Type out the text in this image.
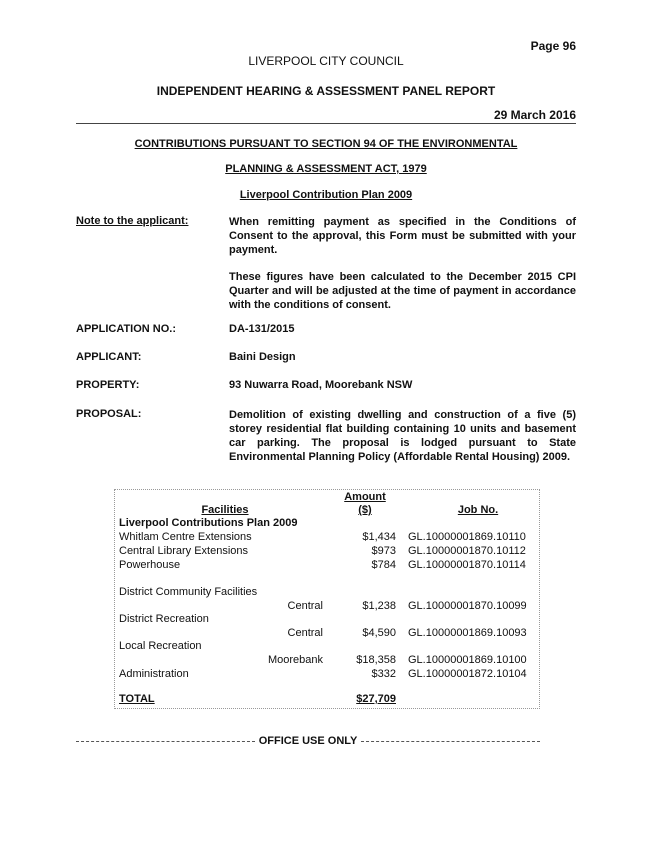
Page 96
LIVERPOOL CITY COUNCIL
INDEPENDENT HEARING & ASSESSMENT PANEL REPORT
29 March 2016
CONTRIBUTIONS PURSUANT TO SECTION 94 OF THE ENVIRONMENTAL
PLANNING & ASSESSMENT ACT, 1979
Liverpool Contribution Plan 2009
Note to the applicant:	When remitting payment as specified in the Conditions of Consent to the approval, this Form must be submitted with your payment.
These figures have been calculated to the December 2015 CPI Quarter and will be adjusted at the time of payment in accordance with the conditions of consent.
APPLICATION NO.:	DA-131/2015
APPLICANT:	Baini Design
PROPERTY:	93 Nuwarra Road, Moorebank NSW
PROPOSAL:	Demolition of existing dwelling and construction of a five (5) storey residential flat building containing 10 units and basement car parking. The proposal is lodged pursuant to State Environmental Planning Policy (Affordable Rental Housing) 2009.
Amount
Facilities	($)	Job No.
Liverpool Contributions Plan 2009
Whitlam Centre Extensions	$1,434 GL.10000001869.10110
Central Library Extensions	$973 GL.10000001870.10112
Powerhouse	$784 GL.10000001870.10114
District Community Facilities
Central	$1,238 GL.10000001870.10099
District Recreation
Central	$4,590 GL.10000001869.10093
Local Recreation
Moorebank	$18,358 GL.10000001869.10100
Administration	$332 GL.10000001872.10104
TOTAL	$27,709
OFFICE USE ONLY
